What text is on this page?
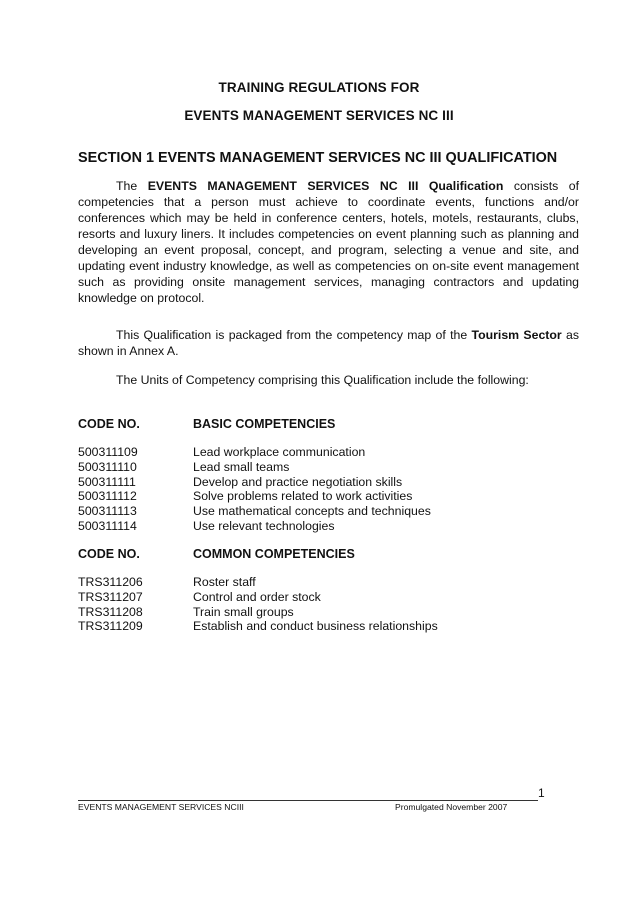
TRAINING REGULATIONS FOR
EVENTS MANAGEMENT SERVICES NC III
SECTION 1 EVENTS MANAGEMENT SERVICES NC III QUALIFICATION
The EVENTS MANAGEMENT SERVICES NC III Qualification consists of competencies that a person must achieve to coordinate events, functions and/or conferences which may be held in conference centers, hotels, motels, restaurants, clubs, resorts and luxury liners. It includes competencies on event planning such as planning and developing an event proposal, concept, and program, selecting a venue and site, and updating event industry knowledge, as well as competencies on on-site event management such as providing onsite management services, managing contractors and updating knowledge on protocol.
This Qualification is packaged from the competency map of the Tourism Sector as shown in Annex A.
The Units of Competency comprising this Qualification include the following:
CODE NO.	BASIC COMPETENCIES
500311109	Lead workplace communication
500311110	Lead small teams
500311111	Develop and practice negotiation skills
500311112	Solve problems related to work activities
500311113	Use mathematical concepts and techniques
500311114	Use relevant technologies
CODE NO.	COMMON COMPETENCIES
TRS311206	Roster staff
TRS311207	Control and order stock
TRS311208	Train small groups
TRS311209	Establish and conduct business relationships
1
EVENTS MANAGEMENT SERVICES NCIII	Promulgated November 2007
